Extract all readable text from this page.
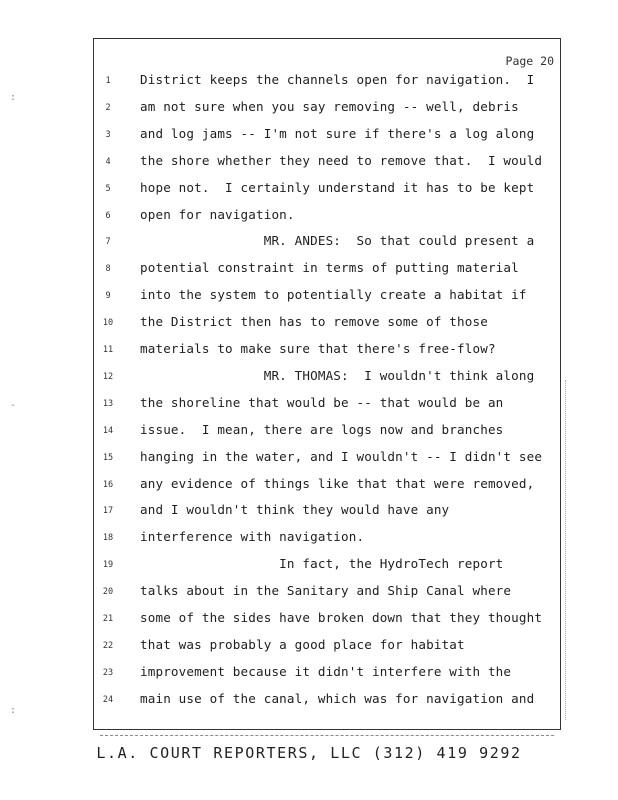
:
-
:
Page 20
1	District keeps the channels open for navigation.  I
2	am not sure when you say removing -- well, debris
3	and log jams -- I'm not sure if there's a log along
4	the shore whether they need to remove that.  I would
5	hope not.  I certainly understand it has to be kept
6	open for navigation.
7	MR. ANDES:  So that could present a
8	potential constraint in terms of putting material
9	into the system to potentially create a habitat if
10	the District then has to remove some of those
11	materials to make sure that there's free-flow?
12	MR. THOMAS:  I wouldn't think along
13	the shoreline that would be -- that would be an
14	issue.  I mean, there are logs now and branches
15	hanging in the water, and I wouldn't -- I didn't see
16	any evidence of things like that that were removed,
17	and I wouldn't think they would have any
18	interference with navigation.
19	In fact, the HydroTech report
20	talks about in the Sanitary and Ship Canal where
21	some of the sides have broken down that they thought
22	that was probably a good place for habitat
23	improvement because it didn't interfere with the
24	main use of the canal, which was for navigation and
L.A. COURT REPORTERS, LLC (312) 419 9292
